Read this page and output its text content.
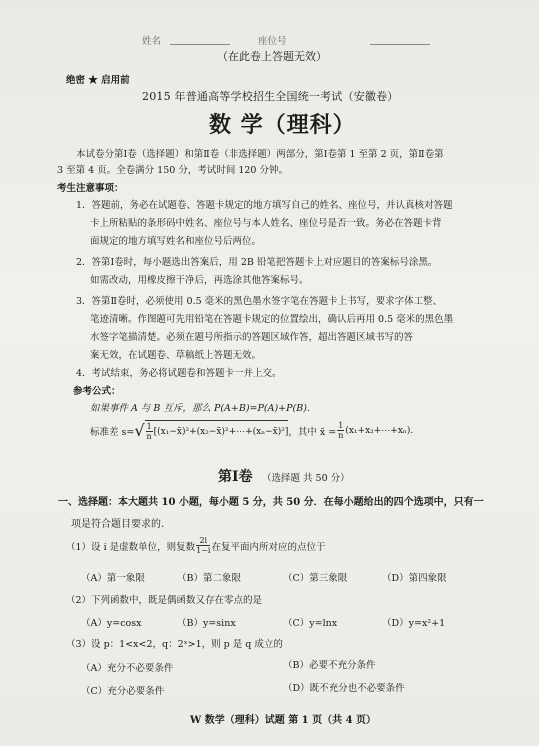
姓名	座位号
（在此卷上答题无效）
绝密 ★ 启用前
2015 年普通高等学校招生全国统一考试（安徽卷）
数 学（理科）
本试卷分第Ⅰ卷（选择题）和第Ⅱ卷（非选择题）两部分，第Ⅰ卷第 1 至第 2 页，第Ⅱ卷第
3 至第 4 页。全卷满分 150 分，考试时间 120 分钟。
考生注意事项：
1．答题前，务必在试题卷、答题卡规定的地方填写自己的姓名、座位号，并认真核对答题
卡上所粘贴的条形码中姓名、座位号与本人姓名、座位号是否一致。务必在答题卡背
面规定的地方填写姓名和座位号后两位。
2．答第Ⅰ卷时，每小题选出答案后，用 2B 铅笔把答题卡上对应题目的答案标号涂黑。
如需改动，用橡皮擦干净后，再选涂其他答案标号。
3．答第Ⅱ卷时，必须使用 0.5 毫米的黑色墨水签字笔在答题卡上书写，要求字体工整、
笔迹清晰。作图题可先用铅笔在答题卡规定的位置绘出，确认后再用 0.5 毫米的黑色墨
水签字笔描清楚。必须在题号所指示的答题区域作答，超出答题区域书写的答
案无效，在试题卷、草稿纸上答题无效。
4．考试结束，务必将试题卷和答题卡一并上交。
参考公式：
如果事件 A 与 B 互斥，那么 P(A+B)=P(A)+P(B).
标准差 s= √ $\frac{1}{n}$ [(x₁−x̄)²+(x₂−x̄)²+⋯+(xₙ−x̄)²] ，其中 x̄ = $\frac{1}{n}$ (x₁+x₂+⋯+xₙ).
第Ⅰ卷 （选择题 共 50 分）
一、选择题：本大题共 10 小题，每小题 5 分，共 50 分．在每小题给出的四个选项中，只有一
项是符合题目要求的.
（1）设 i 是虚数单位，则复数 $\frac{2i}{1-i}$ 在复平面内所对应的点位于
（A）第一象限	（B）第二象限	（C）第三象限	（D）第四象限
（2）下列函数中，既是偶函数又存在零点的是
（A）y=cosx	（B）y=sinx	（C）y=lnx	（D）y=x²+1
（3）设 p：1<x<2，q：2ˣ>1，则 p 是 q 成立的
（A）充分不必要条件	（B）必要不充分条件
（C）充分必要条件	（D）既不充分也不必要条件
W 数学（理科）试题 第 1 页（共 4 页）
